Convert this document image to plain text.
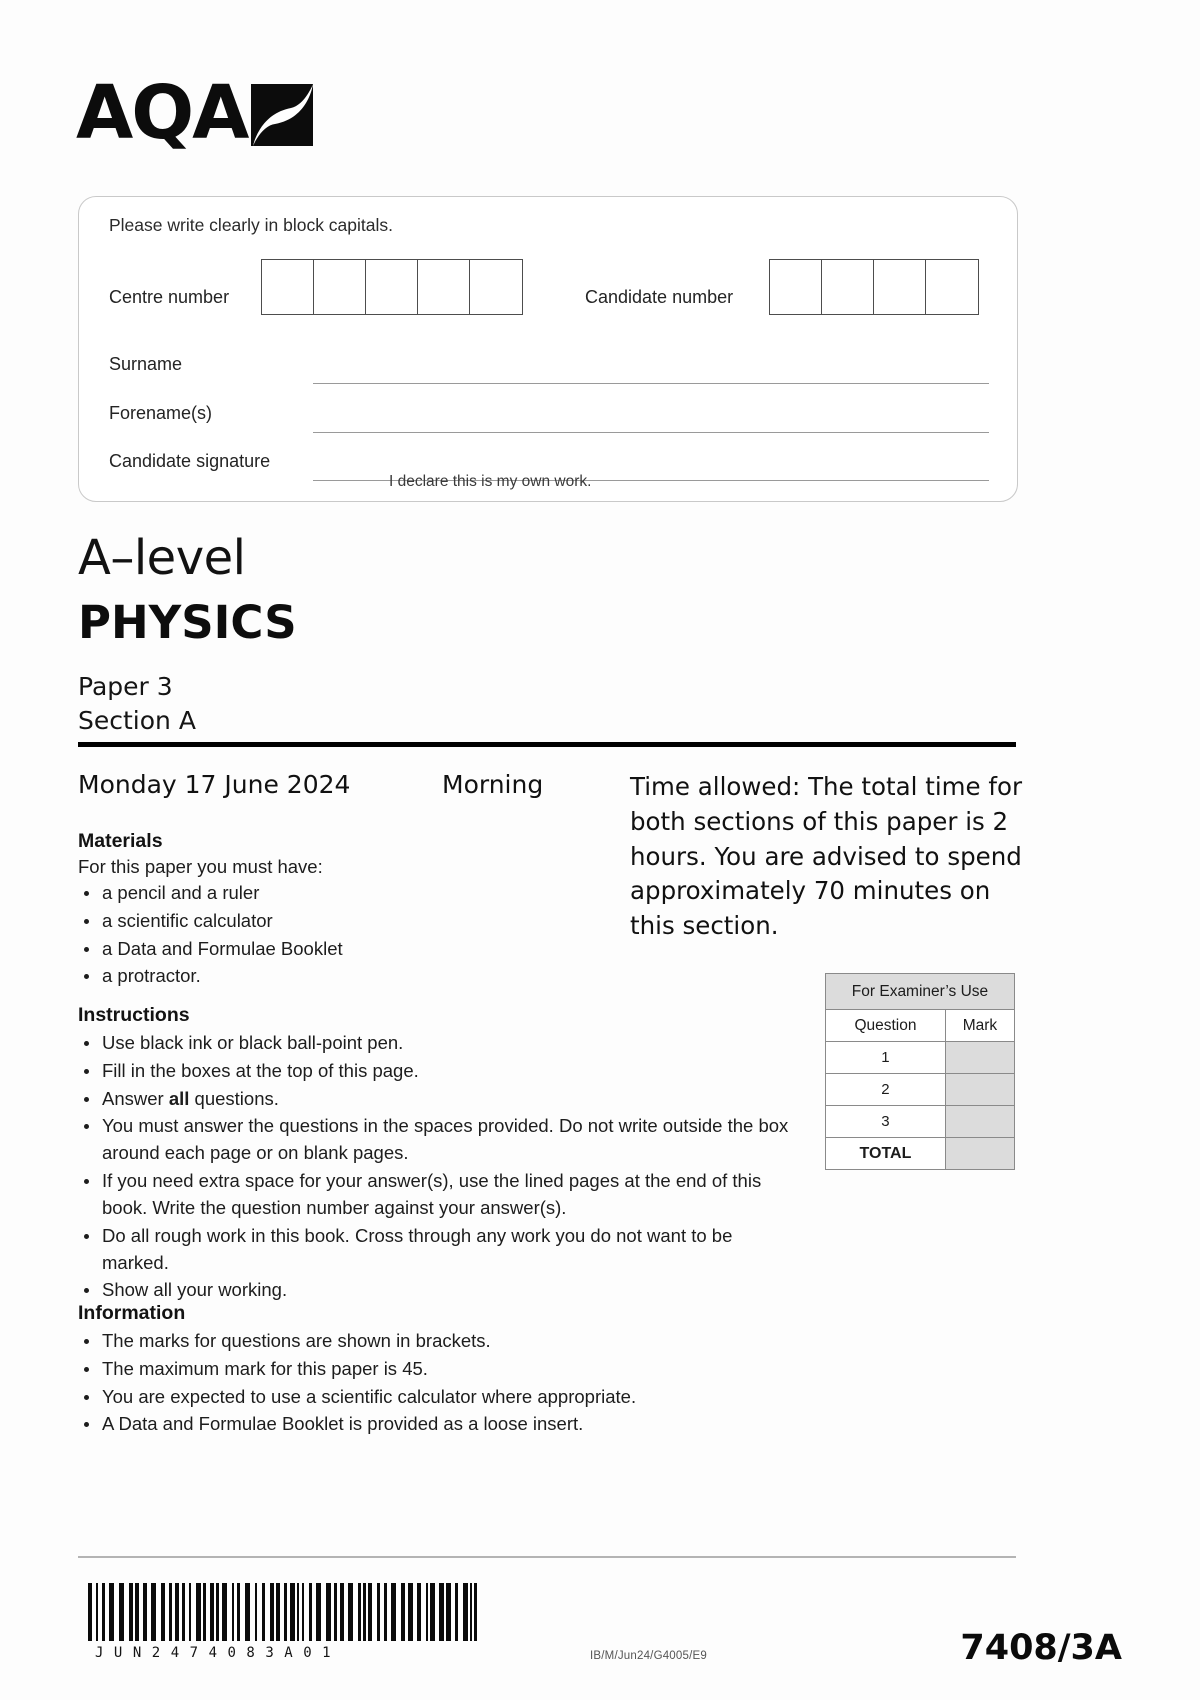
AQA
Please write clearly in block capitals.
Centre number	Candidate number
Surname
Forename(s)
Candidate signature
I declare this is my own work.
A–level
PHYSICS
Paper 3
Section A
Monday 17 June 2024	Morning	Time allowed: The total time for both sections of this paper is 2 hours. You are advised to spend approximately 70 minutes on this section.
Materials
For this paper you must have:
a pencil and a ruler
a scientific calculator
a Data and Formulae Booklet
a protractor.
Instructions
Use black ink or black ball-point pen.
Fill in the boxes at the top of this page.
Answer all questions.
You must answer the questions in the spaces provided. Do not write outside the box around each page or on blank pages.
If you need extra space for your answer(s), use the lined pages at the end of this book. Write the question number against your answer(s).
Do all rough work in this book. Cross through any work you do not want to be marked.
Show all your working.
Information
The marks for questions are shown in brackets.
The maximum mark for this paper is 45.
You are expected to use a scientific calculator where appropriate.
A Data and Formulae Booklet is provided as a loose insert.
For Examiner’s Use	
Question	Mark
1	
2	
3	
TOTAL	
JUN2474083A01	IB/M/Jun24/G4005/E9	7408/3A
